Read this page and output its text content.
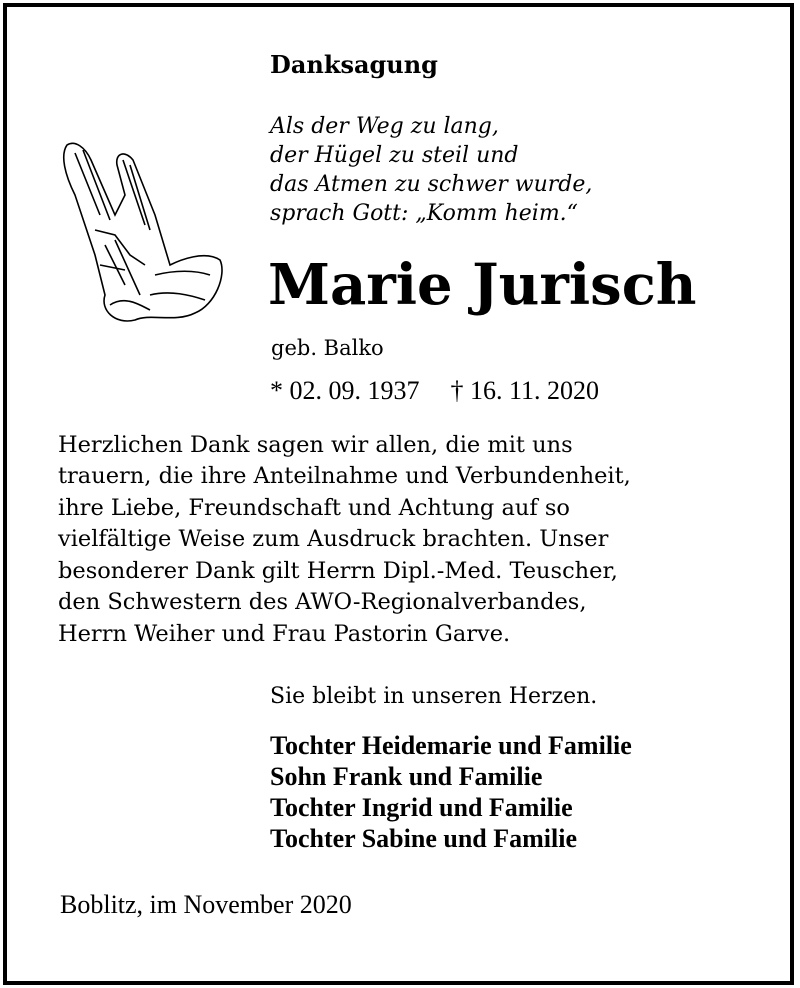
Danksagung
Als der Weg zu lang,
der Hügel zu steil und
das Atmen zu schwer wurde,
sprach Gott: „Komm heim.“
Marie Jurisch
geb. Balko
* 02. 09. 1937 † 16. 11. 2020
Herzlichen Dank sagen wir allen, die mit uns
trauern, die ihre Anteilnahme und Verbundenheit,
ihre Liebe, Freundschaft und Achtung auf so
vielfältige Weise zum Ausdruck brachten. Unser
besonderer Dank gilt Herrn Dipl.-Med. Teuscher,
den Schwestern des AWO-Regionalverbandes,
Herrn Weiher und Frau Pastorin Garve.
Sie bleibt in unseren Herzen.
Tochter Heidemarie und Familie
Sohn Frank und Familie
Tochter Ingrid und Familie
Tochter Sabine und Familie
Boblitz, im November 2020
